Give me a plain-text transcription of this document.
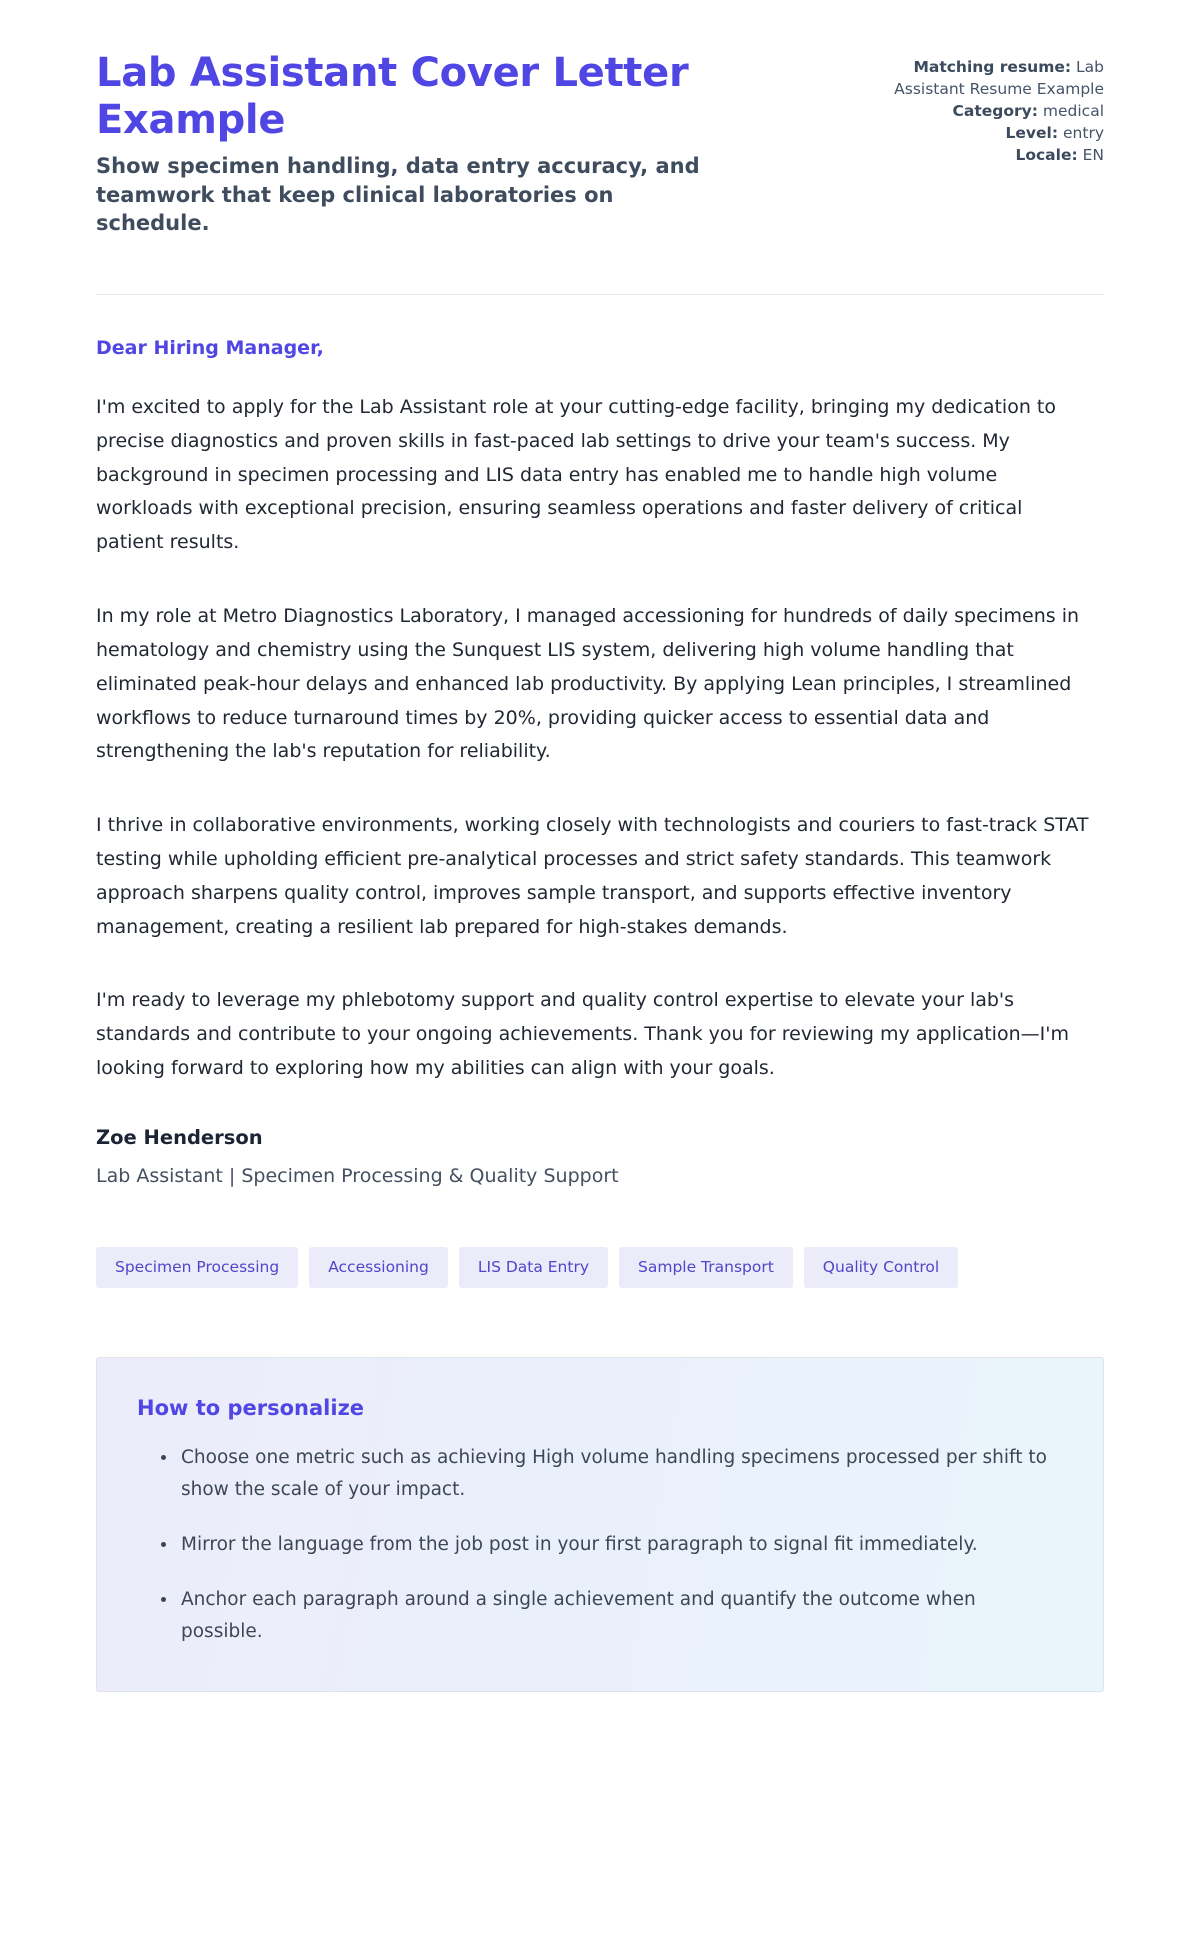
Lab Assistant Cover Letter Example

Show specimen handling, data entry accuracy, and teamwork that keep clinical laboratories on schedule.

Matching resume: Lab Assistant Resume Example
Category: medical
Level: entry
Locale: EN

Dear Hiring Manager,

I'm excited to apply for the Lab Assistant role at your cutting-edge facility, bringing my dedication to precise diagnostics and proven skills in fast-paced lab settings to drive your team's success. My background in specimen processing and LIS data entry has enabled me to handle high volume workloads with exceptional precision, ensuring seamless operations and faster delivery of critical patient results.

In my role at Metro Diagnostics Laboratory, I managed accessioning for hundreds of daily specimens in hematology and chemistry using the Sunquest LIS system, delivering high volume handling that eliminated peak-hour delays and enhanced lab productivity. By applying Lean principles, I streamlined workflows to reduce turnaround times by 20%, providing quicker access to essential data and strengthening the lab's reputation for reliability.

I thrive in collaborative environments, working closely with technologists and couriers to fast-track STAT testing while upholding efficient pre-analytical processes and strict safety standards. This teamwork approach sharpens quality control, improves sample transport, and supports effective inventory management, creating a resilient lab prepared for high-stakes demands.

I'm ready to leverage my phlebotomy support and quality control expertise to elevate your lab's standards and contribute to your ongoing achievements. Thank you for reviewing my application—I'm looking forward to exploring how my abilities can align with your goals.

Zoe Henderson

Lab Assistant | Specimen Processing & Quality Support

Specimen Processing	Accessioning	LIS Data Entry	Sample Transport	Quality Control
How to personalize
Choose one metric such as achieving High volume handling specimens processed per shift to show the scale of your impact.
Mirror the language from the job post in your first paragraph to signal fit immediately.
Anchor each paragraph around a single achievement and quantify the outcome when possible.
